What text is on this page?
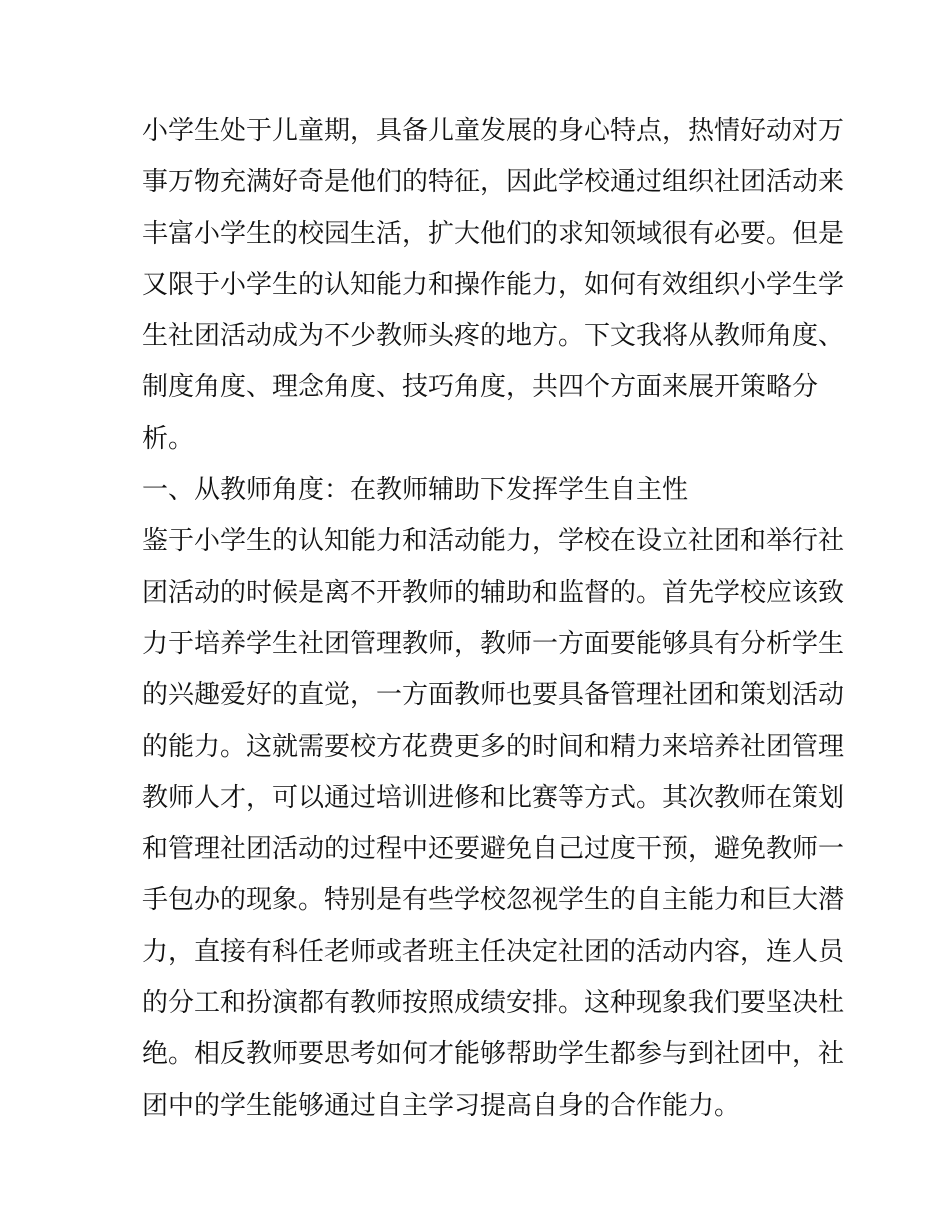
小学生处于儿童期，具备儿童发展的身心特点，热情好动对万

事万物充满好奇是他们的特征，因此学校通过组织社团活动来

丰富小学生的校园生活，扩大他们的求知领域很有必要。但是

又限于小学生的认知能力和操作能力，如何有效组织小学生学

生社团活动成为不少教师头疼的地方。下文我将从教师角度、

制度角度、理念角度、技巧角度，共四个方面来展开策略分

析。

一、从教师角度：在教师辅助下发挥学生自主性

鉴于小学生的认知能力和活动能力，学校在设立社团和举行社

团活动的时候是离不开教师的辅助和监督的。首先学校应该致

力于培养学生社团管理教师，教师一方面要能够具有分析学生

的兴趣爱好的直觉，一方面教师也要具备管理社团和策划活动

的能力。这就需要校方花费更多的时间和精力来培养社团管理

教师人才，可以通过培训进修和比赛等方式。其次教师在策划

和管理社团活动的过程中还要避免自己过度干预，避免教师一

手包办的现象。特别是有些学校忽视学生的自主能力和巨大潜

力，直接有科任老师或者班主任决定社团的活动内容，连人员

的分工和扮演都有教师按照成绩安排。这种现象我们要坚决杜

绝。相反教师要思考如何才能够帮助学生都参与到社团中，社

团中的学生能够通过自主学习提高自身的合作能力。
